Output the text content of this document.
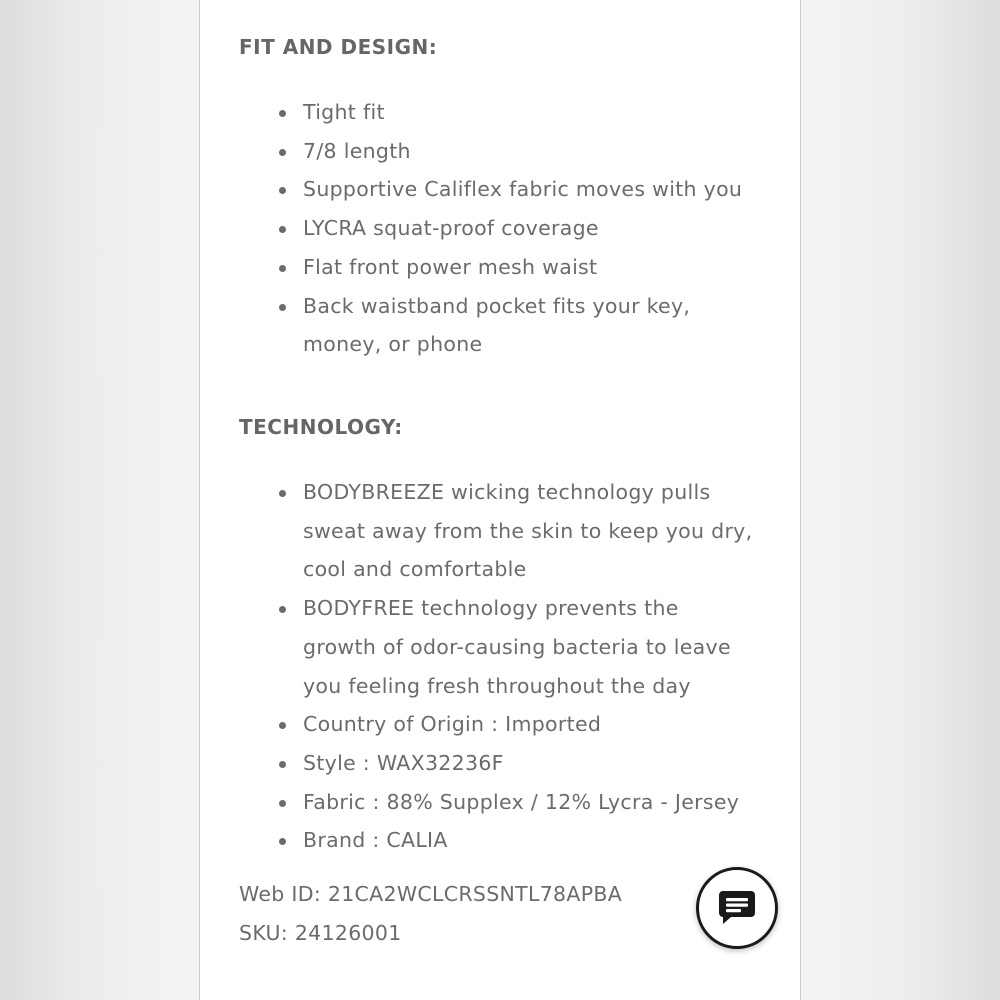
FIT AND DESIGN:
Tight fit
7/8 length
Supportive Califlex fabric moves with you
LYCRA squat-proof coverage
Flat front power mesh waist
Back waistband pocket fits your key,
money, or phone
TECHNOLOGY:
BODYBREEZE wicking technology pulls
sweat away from the skin to keep you dry,
cool and comfortable
BODYFREE technology prevents the
growth of odor-causing bacteria to leave
you feeling fresh throughout the day
Country of Origin : Imported
Style : WAX32236F
Fabric : 88% Supplex / 12% Lycra - Jersey
Brand : CALIA

Web ID: 21CA2WCLCRSSNTL78APBA

SKU: 24126001
